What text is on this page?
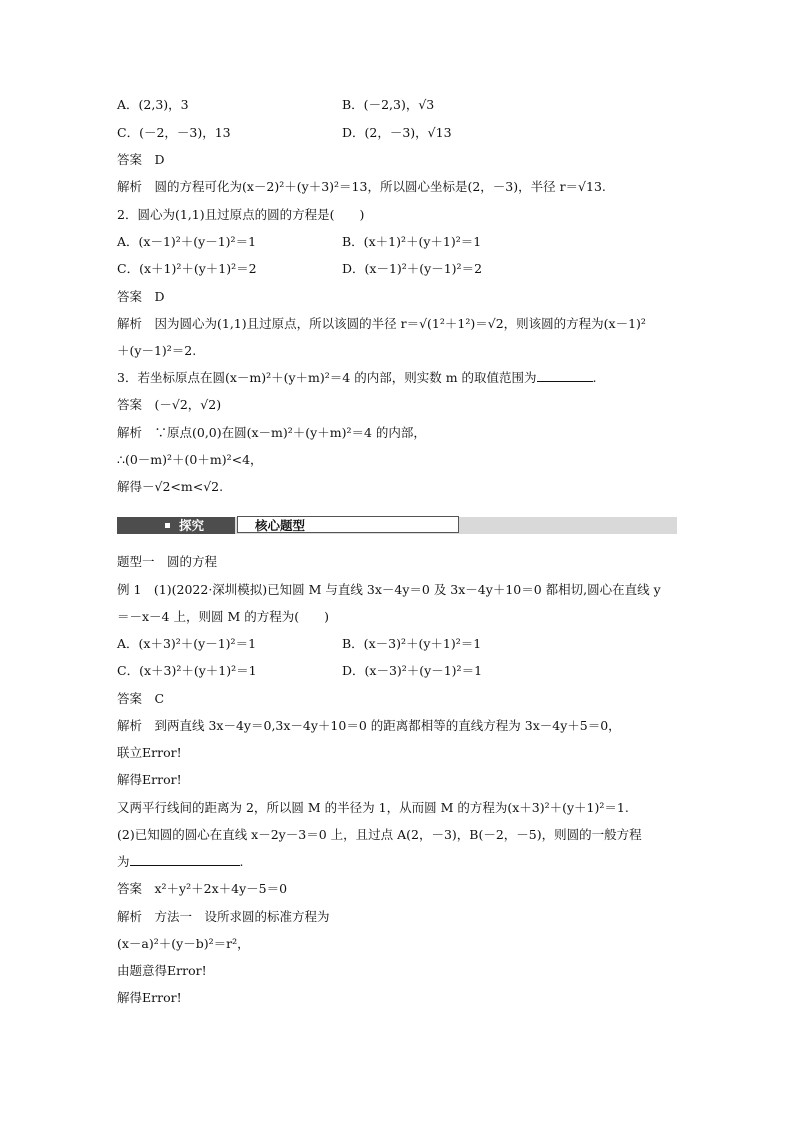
A．(2,3)，3	B．(－2,3)，√3
C．(－2，－3)，13	D．(2，－3)，√13
答案　D
解析　圆的方程可化为(x－2)²＋(y＋3)²＝13，所以圆心坐标是(2，－3)，半径 r＝√13.
2．圆心为(1,1)且过原点的圆的方程是(　　)
A．(x－1)²＋(y－1)²＝1	B．(x＋1)²＋(y＋1)²＝1
C．(x＋1)²＋(y＋1)²＝2	D．(x－1)²＋(y－1)²＝2
答案　D
解析　因为圆心为(1,1)且过原点，所以该圆的半径 r＝√(1²＋1²)＝√2，则该圆的方程为(x－1)²
＋(y－1)²＝2.
3．若坐标原点在圆(x－m)²＋(y＋m)²＝4 的内部，则实数 m 的取值范围为	.
答案　(－√2，√2)
解析　∵原点(0,0)在圆(x－m)²＋(y＋m)²＝4 的内部，
∴(0－m)²＋(0＋m)²<4，
解得－√2<m<√2.
探究	核心题型
题型一　圆的方程
例 1　(1)(2022·深圳模拟)已知圆 M 与直线 3x－4y＝0 及 3x－4y＋10＝0 都相切,圆心在直线 y
＝－x－4 上，则圆 M 的方程为(　　)
A．(x＋3)²＋(y－1)²＝1	B．(x－3)²＋(y＋1)²＝1
C．(x＋3)²＋(y＋1)²＝1	D．(x－3)²＋(y－1)²＝1
答案　C
解析　到两直线 3x－4y＝0,3x－4y＋10＝0 的距离都相等的直线方程为 3x－4y＋5＝0，
联立Error!
解得Error!
又两平行线间的距离为 2，所以圆 M 的半径为 1，从而圆 M 的方程为(x＋3)²＋(y＋1)²＝1.
(2)已知圆的圆心在直线 x－2y－3＝0 上，且过点 A(2，－3)，B(－2，－5)，则圆的一般方程
为	.
答案　x²＋y²＋2x＋4y－5＝0
解析　方法一　设所求圆的标准方程为
(x－a)²＋(y－b)²＝r²，
由题意得Error!
解得Error!
